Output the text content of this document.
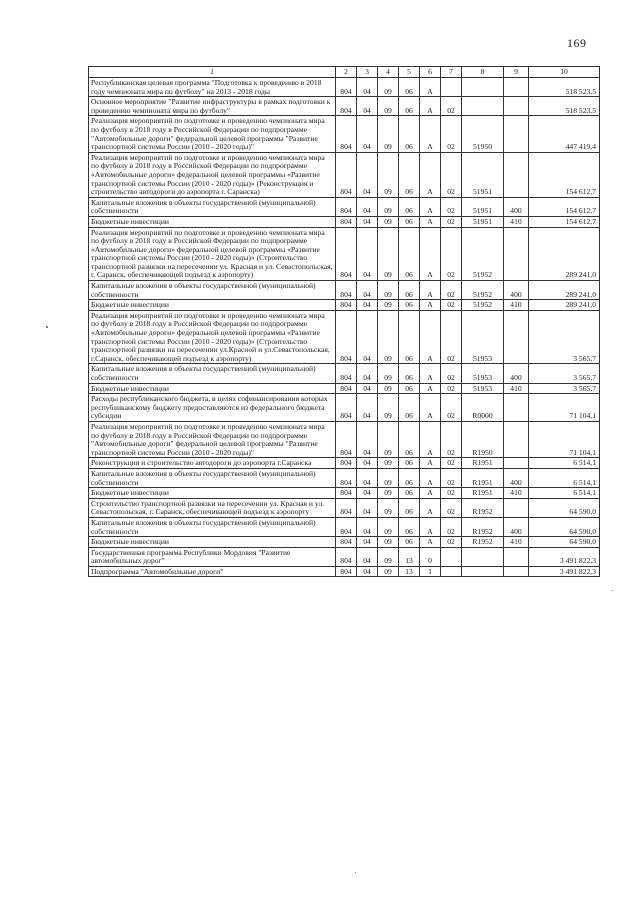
169
1	2	3	4	5	6	7	8	9	10
Республиканская целевая программа "Подготовка к проведению в 2018 году чемпионата мира по футболу" на 2013 - 2018 годы	804	04	09	06	А				518 523,5
Основное мероприятие "Развитие инфраструктуры в рамках подготовки к проведению чемпионата мира по футболу"	804	04	09	06	А	02			518 523,5
Реализация мероприятий по подготовке и проведению чемпионата мира по футболу в 2018 году в Российской Федерации по подпрограмме "Автомобильные дороги" федеральной целевой программы "Развитие транспортной системы России (2010 - 2020 годы)"	804	04	09	06	А	02	51950		447 419,4
Реализация мероприятий по подготовке и проведению чемпионата мира по футболу в 2018 году в Российской Федерации по подпрограмме «Автомобильные дороги» федеральной целевой программы «Развитие транспортной системы России (2010 - 2020 годы)» (Реконструкция и строительство автодороги до аэропорта г. Саранска)	804	04	09	06	А	02	51951		154 612,7
Капитальные вложения в объекты государственной (муниципальной) собственности	804	04	09	06	А	02	51951	400	154 612,7
Бюджетные инвестиции	804	04	09	06	А	02	51951	410	154 612,7
Реализация мероприятий по подготовке и проведению чемпионата мира по футболу в 2018 году в Российской Федерации по подпрограмме «Автомобильные дороги» федеральной целевой программы «Развитие транспортной системы России (2010 - 2020 годы)» (Строительство транспортной развязки на пересечении ул. Красная и ул. Севастопольская, г. Саранск, обеспечивающей подъезд к аэропорту)	804	04	09	06	А	02	51952		289 241,0
Капитальные вложения в объекты государственной (муниципальной) собственности	804	04	09	06	А	02	51952	400	289 241,0
Бюджетные инвестиции	804	04	09	06	А	02	51952	410	289 241,0
Реализация мероприятий по подготовке и проведению чемпионата мира по футболу в 2018 году в Российской Федерации по подпрограмме «Автомобильные дороги» федеральной целевой программы «Развитие транспортной системы России (2010 - 2020 годы)» (Строительство транспортной развязки на пересечении ул.Красной и ул.Севастопольская, г.Саранск, обеспечивающей подъезд к аэропорту)	804	04	09	06	А	02	51953		3 565,7
Капитальные вложения в объекты государственной (муниципальной) собственности	804	04	09	06	А	02	51953	400	3 565,7
Бюджетные инвестиции	804	04	09	06	А	02	51953	410	3 565,7
Расходы республиканского бюджета, в целях софинансирования которых республиканскому бюджету предоставляются из федерального бюджета субсидии	804	04	09	06	А	02	R0000		71 104,1
Реализация мероприятий по подготовке и проведению чемпионата мира по футболу в 2018 году в Российской Федерации по подпрограмме "Автомобильные дороги" федеральной целевой программы "Развитие транспортной системы России (2010 - 2020 годы)"	804	04	09	06	А	02	R1950		71 104,1
Реконструкция и строительство автодороги до аэропорта г.Саранска	804	04	09	06	А	02	R1951		6 514,1
Капитальные вложения в объекты государственной (муниципальной) собственности	804	04	09	06	А	02	R1951	400	6 514,1
Бюджетные инвестиции	804	04	09	06	А	02	R1951	410	6 514,1
Строительство транспортной развязки на пересечении ул. Красная и ул. Севастопольская, г. Саранск, обеспечивающей подъезд к аэропорту	804	04	09	06	А	02	R1952		64 590,0
Капитальные вложения в объекты государственной (муниципальной) собственности	804	04	09	06	А	02	R1952	400	64 590,0
Бюджетные инвестиции	804	04	09	06	А	02	R1952	410	64 590,0
Государственная программа Республики Мордовия "Развитие автомобильных дорог"	804	04	09	13	0				3 491 822,3
Подпрограмма "Автомобильные дороги"	804	04	09	13	1				3 491 822,3
